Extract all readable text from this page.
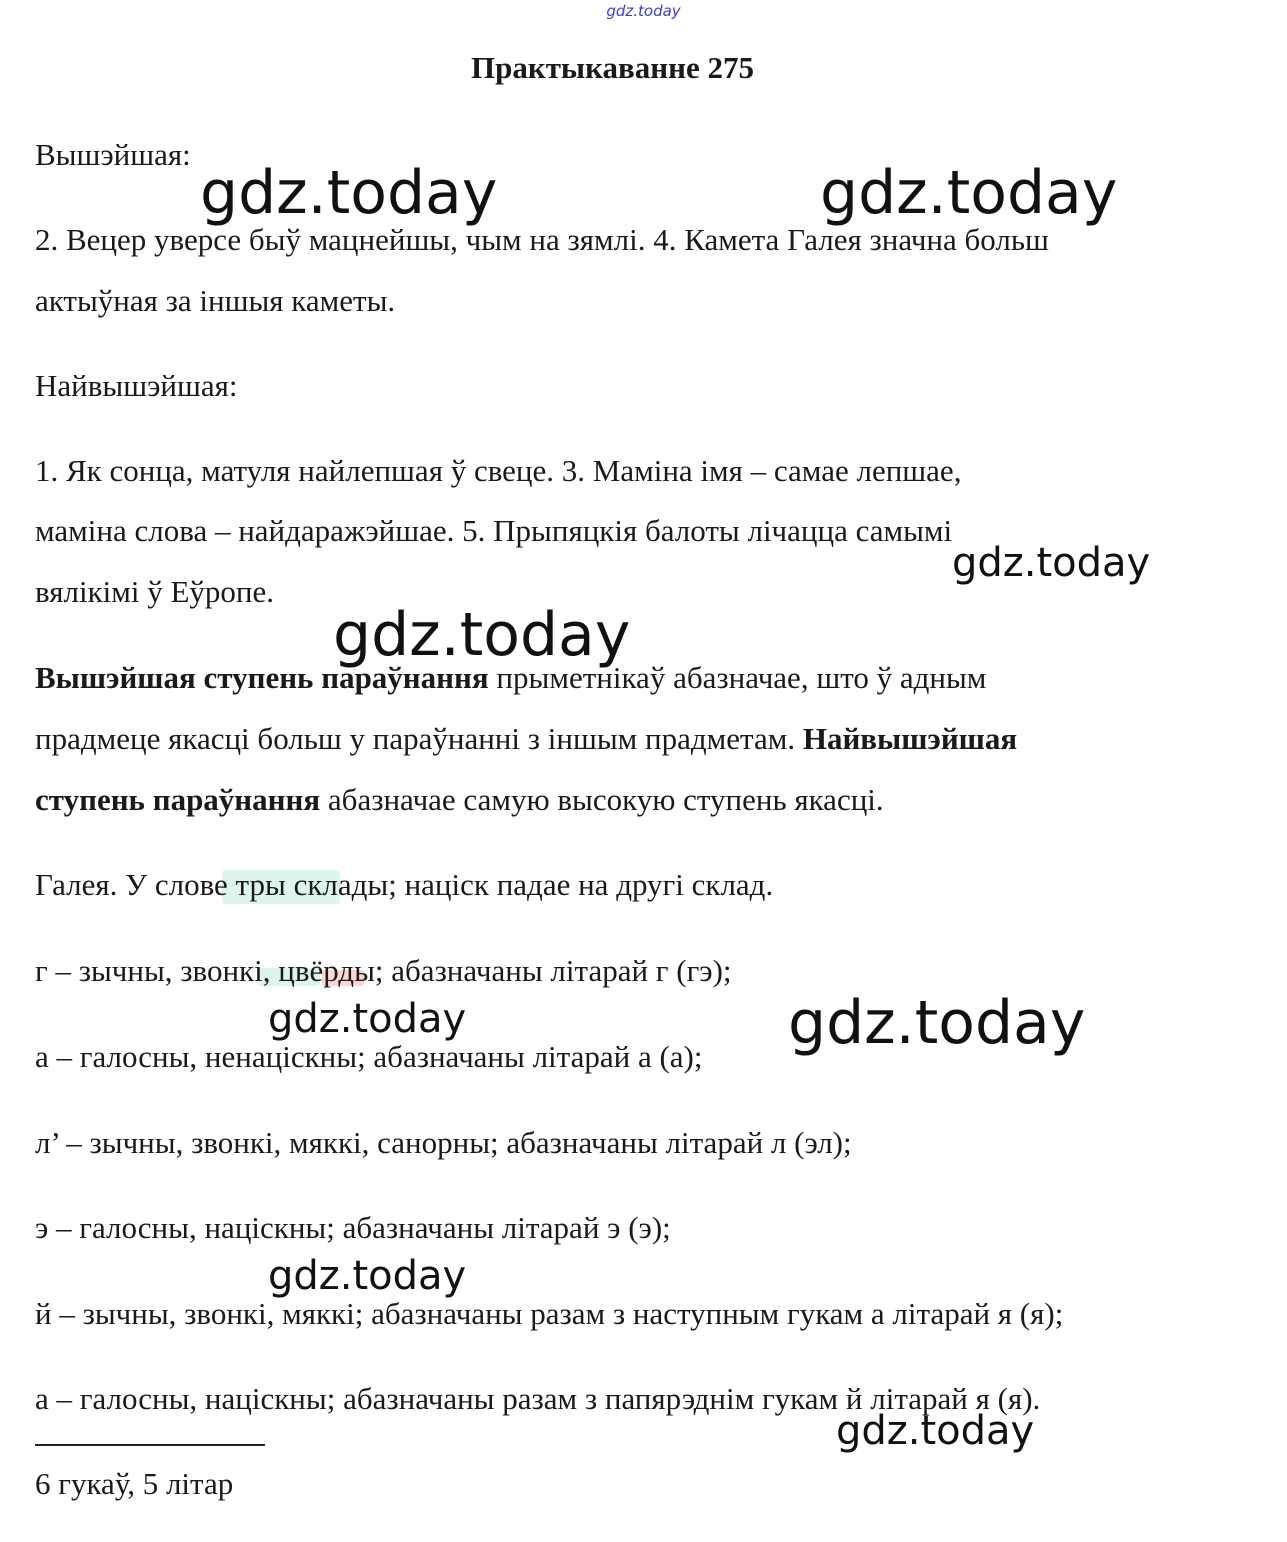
gdz.today
Практыкаванне 275
Вышэйшая:
2. Вецер уверсе быў мацнейшы, чым на зямлі. 4. Камета Галея значна больш
актыўная за іншыя каметы.
Найвышэйшая:
1. Як сонца, матуля найлепшая ў свеце. 3. Маміна імя – самае лепшае,
маміна слова – найдаражэйшае. 5. Прыпяцкія балоты лічацца самымі
вялікімі ў Еўропе.
Вышэйшая ступень параўнання прыметнікаў абазначае, што ў адным
прадмеце якасці больш у параўнанні з іншым прадметам. Найвышэйшая
ступень параўнання абазначае самую высокую ступень якасці.
Галея. У слове тры склады; націск падае на другі склад.
г – зычны, звонкі, цвёрды; абазначаны літарай г (гэ);
а – галосны, ненаціскны; абазначаны літарай а (а);
л’ – зычны, звонкі, мяккі, санорны; абазначаны літарай л (эл);
э – галосны, націскны; абазначаны літарай э (э);
й – зычны, звонкі, мяккі; абазначаны разам з наступным гукам а літарай я (я);
а – галосны, націскны; абазначаны разам з папярэднім гукам й літарай я (я).
6 гукаў, 5 літар
gdz.today	gdz.today
gdz.today
gdz.today
gdz.today	gdz.today
gdz.today
gdz.today
